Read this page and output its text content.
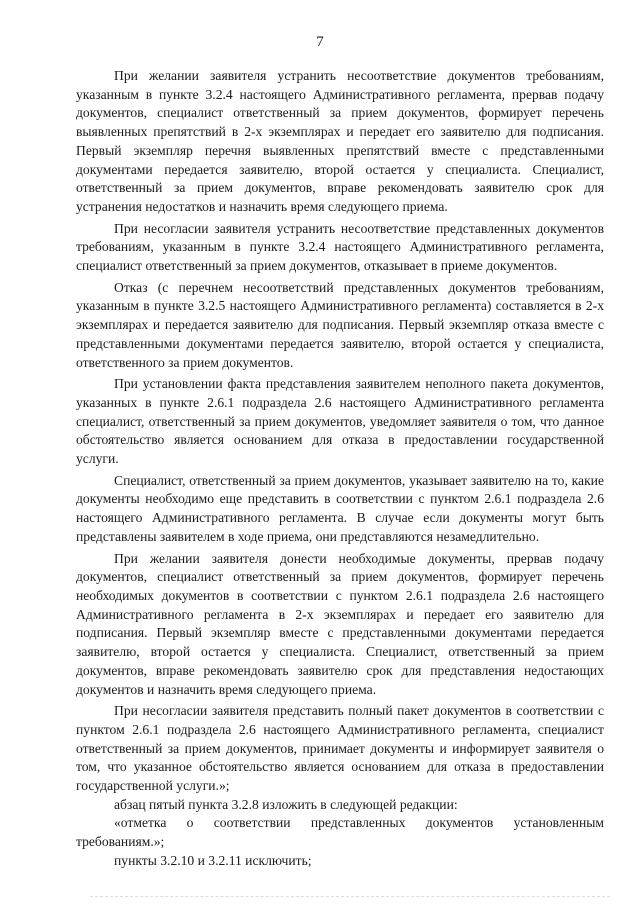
7

При желании заявителя устранить несоответствие документов требованиям, указанным в пункте 3.2.4 настоящего Административного регламента, прервав подачу документов, специалист ответственный за прием документов, формирует перечень выявленных препятствий в 2-х экземплярах и передает его заявителю для подписания. Первый экземпляр перечня выявленных препятствий вместе с представленными документами передается заявителю, второй остается у специалиста. Специалист, ответственный за прием документов, вправе рекомендовать заявителю срок для устранения недостатков и назначить время следующего приема.

При несогласии заявителя устранить несоответствие представленных документов требованиям, указанным в пункте 3.2.4 настоящего Административного регламента, специалист ответственный за прием документов, отказывает в приеме документов.

Отказ (с перечнем несоответствий представленных документов требованиям, указанным в пункте 3.2.5 настоящего Административного регламента) составляется в 2-х экземплярах и передается заявителю для подписания. Первый экземпляр отказа вместе с представленными документами передается заявителю, второй остается у специалиста, ответственного за прием документов.

При установлении факта представления заявителем неполного пакета документов, указанных в пункте 2.6.1 подраздела 2.6 настоящего Административного регламента специалист, ответственный за прием документов, уведомляет заявителя о том, что данное обстоятельство является основанием для отказа в предоставлении государственной услуги.

Специалист, ответственный за прием документов, указывает заявителю на то, какие документы необходимо еще представить в соответствии с пунктом 2.6.1 подраздела 2.6 настоящего Административного регламента. В случае если документы могут быть представлены заявителем в ходе приема, они представляются незамедлительно.

При желании заявителя донести необходимые документы, прервав подачу документов, специалист ответственный за прием документов, формирует перечень необходимых документов в соответствии с пунктом 2.6.1 подраздела 2.6 настоящего Административного регламента в 2-х экземплярах и передает его заявителю для подписания. Первый экземпляр вместе с представленными документами передается заявителю, второй остается у специалиста. Специалист, ответственный за прием документов, вправе рекомендовать заявителю срок для представления недостающих документов и назначить время следующего приема.

При несогласии заявителя представить полный пакет документов в соответствии с пунктом 2.6.1 подраздела 2.6 настоящего Административного регламента, специалист ответственный за прием документов, принимает документы и информирует заявителя о том, что указанное обстоятельство является основанием для отказа в предоставлении государственной услуги.»;

абзац пятый пункта 3.2.8 изложить в следующей редакции:

«отметка о соответствии представленных документов установленным требованиям.»;

пункты 3.2.10 и 3.2.11 исключить;
